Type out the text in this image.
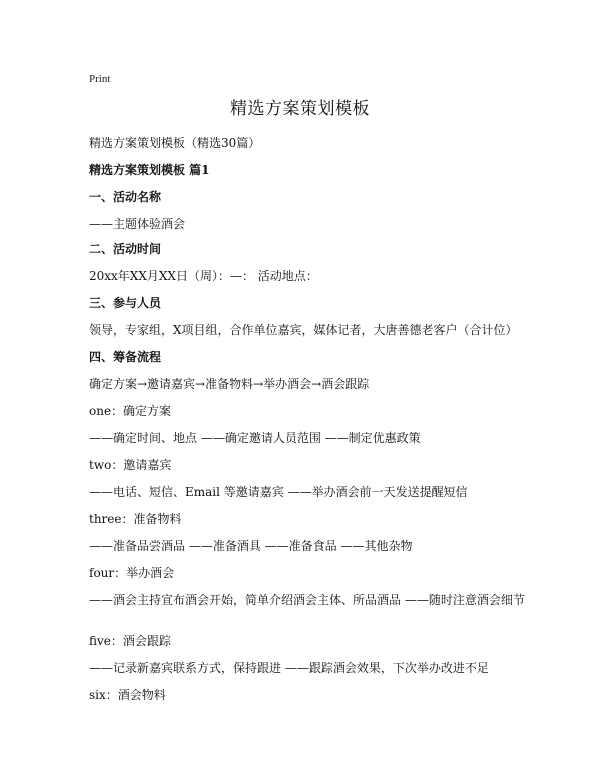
Print
精选方案策划模板
精选方案策划模板（精选30篇）
精选方案策划模板 篇1
一、活动名称
——主题体验酒会
二、活动时间
20xx年XX月XX日（周）：—： 活动地点：
三、参与人员
领导，专家组，X项目组，合作单位嘉宾，媒体记者，大唐善德老客户（合计位）
四、筹备流程
确定方案→邀请嘉宾→准备物料→举办酒会→酒会跟踪
one：确定方案
——确定时间、地点 ——确定邀请人员范围 ——制定优惠政策
two：邀请嘉宾
——电话、短信、Email 等邀请嘉宾 ——举办酒会前一天发送提醒短信
three：准备物料
——准备品尝酒品 ——准备酒具 ——准备食品 ——其他杂物
four：举办酒会
——酒会主持宣布酒会开始，简单介绍酒会主体、所品酒品 ——随时注意酒会细节
five：酒会跟踪
——记录新嘉宾联系方式，保持跟进 ——跟踪酒会效果，下次举办改进不足
six：酒会物料
